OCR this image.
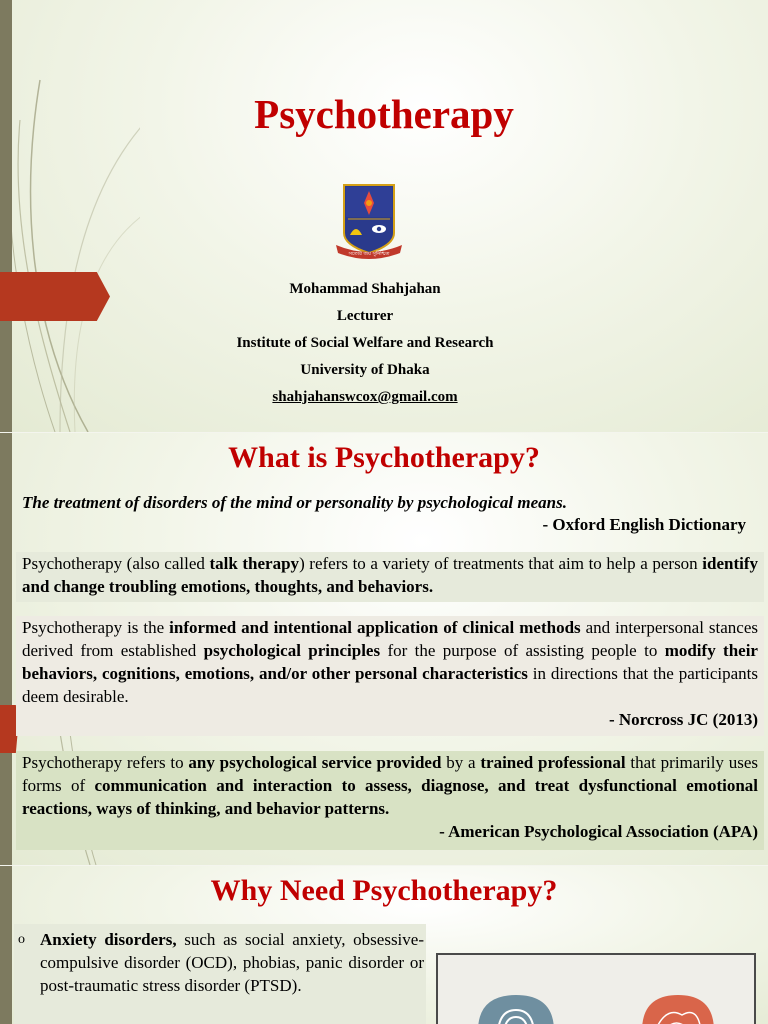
Psychotherapy
সত্যের জয় সুনিশ্চিত
Mohammad Shahjahan
Lecturer
Institute of Social Welfare and Research
University of Dhaka
shahjahanswcox@gmail.com
What is Psychotherapy?
The treatment of disorders of the mind or personality by psychological means.
- Oxford English Dictionary
Psychotherapy (also called talk therapy) refers to a variety of treatments that aim to help a person identify and change troubling emotions, thoughts, and behaviors.
Psychotherapy is the informed and intentional application of clinical methods and interpersonal stances derived from established psychological principles for the purpose of assisting people to modify their behaviors, cognitions, emotions, and/or other personal characteristics in directions that the participants deem desirable.
- Norcross JC (2013)
Psychotherapy refers to any psychological service provided by a trained professional that primarily uses forms of communication and interaction to assess, diagnose, and treat dysfunctional emotional reactions, ways of thinking, and behavior patterns.
- American Psychological Association (APA)
Why Need Psychotherapy?
o Anxiety disorders, such as social anxiety, obsessive-compulsive disorder (OCD), phobias, panic disorder or post-traumatic stress disorder (PTSD).
